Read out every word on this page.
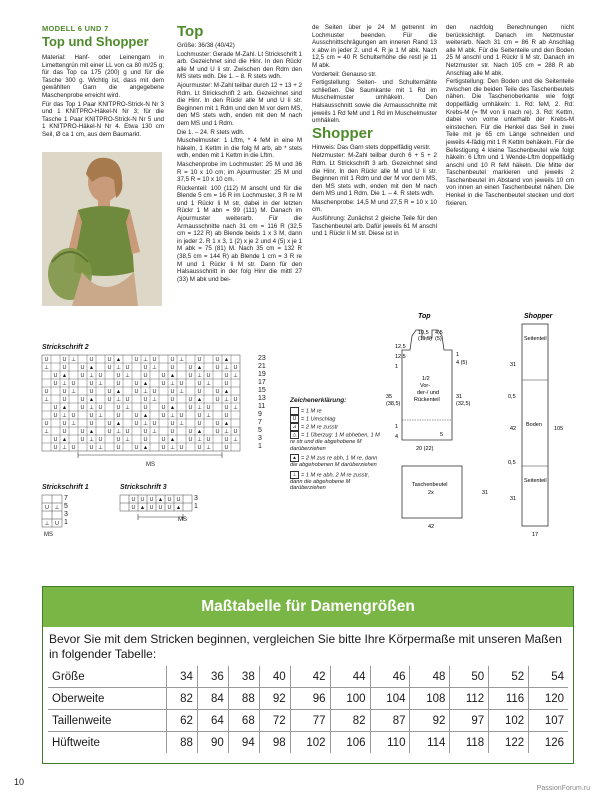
MODELL 6 UND 7
Top und Shopper

Material: Hanf- oder Leinengarn in Limettengrün mit einer LL von ca 80 m/25 g; für das Top ca 175 (200) g und für die Tasche 300 g. Wichtig ist, dass mit dem gewählten Garn die angegebene Maschenprobe erreicht wird.

Für das Top 1 Paar KNITPRO-Strick-N Nr 3 und 1 KNITPRO-Häkel-N Nr 3; für die Tasche 1 Paar KNITPRO-Strick-N Nr 5 und 1 KNITPRO-Häkel-N Nr 4. Etwa 130 cm Seil, Ø ca 1 cm, aus dem Baumarkt.

Top

Größe: 36/38 (40/42)

Lochmuster: Gerade M-Zahl. Lt Strickschrift 1 arb. Gezeichnet sind die Hinr. In den Rückr alle M und U li str. Zwischen den Rdm den MS stets wdh. Die 1. – 8. R stets wdh.

Ajourmuster: M-Zahl teilbar durch 12 + 13 + 2 Rdm. Lt Strickschrift 2 arb. Gezeichnet sind die Hinr. In den Rückr alle M und U li str. Beginnen mit 1 Rdm und den M vor dem MS, den MS stets wdh, enden mit den M nach dem MS und 1 Rdm.

Die 1. – 24. R stets wdh.

Muschelmuster: 1 Lftm, * 4 feM in eine M häkeln, 1 Kettm in die folg M arb, ab * stets wdh, enden mit 1 Kettm in die Lftm.

Maschenprobe im Lochmuster: 25 M und 36 R = 10 x 10 cm; im Ajourmuster: 25 M und 37,5 R = 10 x 10 cm.

Rückenteil: 100 (112) M anschl und für die Blende 5 cm = 16 R im Lochmuster, 3 R re M und 1 Rückr li M str, dabei in der letzten Rückr 1 M abn = 99 (111) M. Danach im Ajourmuster weiterarb. Für die Armausschnitte nach 31 cm = 116 R (32,5 cm = 122 R) ab Blende beids 1 x 3 M, dann in jeder 2. R 1 x 3, 1 (2) x je 2 und 4 (5) x je 1 M abk = 75 (81) M. Nach 35 cm = 132 R (38,5 cm = 144 R) ab Blende 1 cm = 3 R re M und 1 Rückr li M str. Dann für den Halsausschnitt in der folg Hinr die mittl 27 (33) M abk und bei-

de Seiten über je 24 M getrennt im Lochmuster beenden. Für die Ausschnittschrägungen am inneren Rand 13 x abw in jeder 2. und 4. R je 1 M abk. Nach 12,5 cm = 40 R Schulterhöhe die restl je 11 M abk.

Vorderteil: Genauso str.

Fertigstellung: Seiten- und Schulternähte schließen. Die Saumkante mit 1 Rd im Muschelmuster umhäkeln. Den Halsausschnitt sowie die Armausschnitte mit jeweils 1 Rd feM und 1 Rd im Muschelmuster umhäkeln.

Shopper

Hinweis: Das Garn stets doppelfädig verstr.

Netzmuster: M-Zahl teilbar durch 6 + 5 + 2 Rdm. Lt Strickschrift 3 arb. Gezeichnet sind die Hinr. In den Rückr alle M und U li str. Beginnen mit 1 Rdm und der M vor dem MS, den MS stets wdh, enden mit den M nach dem MS und 1 Rdm. Die 1. – 4. R stets wdh.

Maschenprobe: 14,5 M und 27,5 R = 10 x 10 cm.

Ausführung: Zunächst 2 gleiche Teile für den Taschenbeutel arb. Dafür jeweils 61 M anschl und 1 Rückr li M str. Diese ist in

den nachfolg Berechnungen nicht berücksichtigt. Danach im Netzmuster weiterarb. Nach 31 cm = 86 R ab Anschlag alle M abk. Für die Seitenteile und den Boden 25 M anschl und 1 Rückr li M str. Danach im Netzmuster str. Nach 105 cm = 288 R ab Anschlag alle M abk.

Fertigstellung: Den Boden und die Seitenteile zwischen die beiden Teile des Taschenbeutels nähen. Die Taschenoberkante wie folgt doppelfädig umhäkeln: 1. Rd: feM, 2. Rd: Krebs-M (= fM von li nach re). 3. Rd: Kettm, dabei von vorne unterhalb der Krebs-M einstechen. Für die Henkel das Seil in zwei Teile mit je 65 cm Länge schneiden und jeweils 4-fädig mit 1 R Kettm behäkeln. Für die Befestigung 4 kleine Taschenbeutel wie folgt häkeln: 6 Lftm und 1 Wende-Lftm doppelfädig anschl und 10 R feM häkeln. Die Mitte der Taschenbeutel markieren und jeweils 2 Taschenbeutel im Abstand von jeweils 10 cm von innen an einen Taschenbeutel nähen. Die Henkel in die Taschenbeutel stecken und dort fixieren.

Strickschrift 2
U	U ⊥ U	U ▲ U ⊥ U	U ⊥ U	U ▲
⊥ U	U ▲ U ⊥ U	U ⊥ U	U ▲ U ⊥ U
U ▲ U ⊥ U	U ⊥ U	U ▲ U ⊥ U	U ⊥
U ⊥ U	U ⊥ U	U ▲ U ⊥ U	U ⊥ U
U	U ⊥ U	U ▲ U ⊥ U	U ⊥ U	U ▲
⊥ U	U ▲ U ⊥ U	U ⊥ U	U ▲ U ⊥ U
U ▲ U ⊥ U	U ⊥ U	U ▲ U ⊥ U	U ⊥
U ⊥ U	U ⊥ U	U ▲ U ⊥ U	U ⊥ U
U	U ⊥ U	U ▲ U ⊥ U	U ⊥ U	U ▲
⊥ U	U ▲ U ⊥ U	U ⊥ U	U ▲ U ⊥ U
U ▲ U ⊥ U	U ⊥ U	U ▲ U ⊥ U	U ⊥
U ⊥ U	U ⊥ U	U ▲ U ⊥ U	U ⊥ U
23
21
19
17
15
13
11
9
7
5
3
1
MS
Strickschrift 1
U ⊥
⊥ U
7
5
3
1
MS
Strickschrift 3
U U U ▲ U U
U ▲ U U U ▲
3
1
MS
Zeichenerklärung:
= 1 M re
U = 1 Umschlag
⊿ = 2 M re zusstr
△ = 1 Überzug: 1 M abheben, 1 M re str und die abgehobene M darüberziehen
▲ = 2 M zus re abh, 1 M re, dann die abgehobenen M darüberziehen
⊥ = 1 M re abh, 2 M re zusstr, dann die abgehobene M darüberziehen
Top	Shopper
10,5
(11,5)
4,5
(5)
12,5
1
1/2
Vor-
der-/ und
Rückenteil
35
(38,5)
31
(32,5)
1
4	5
20 (22)
12,5
1
4 (5)
Taschenbeutel
2x	31
42
Seitenteil
Boden
Seitenteil
31
0,5
42	105
0,5
31
17
Maßtabelle für Damengrößen
Bevor Sie mit dem Stricken beginnen, vergleichen Sie bitte Ihre Körpermaße mit unseren Maßen in folgender Tabelle:
Größe	34	36	38	40	42	44	46	48	50	52	54
Oberweite	82	84	88	92	96	100	104	108	112	116	120
Taillenweite	62	64	68	72	77	82	87	92	97	102	107
Hüftweite	88	90	94	98	102	106	110	114	118	122	126
10
PassionForum.ru
